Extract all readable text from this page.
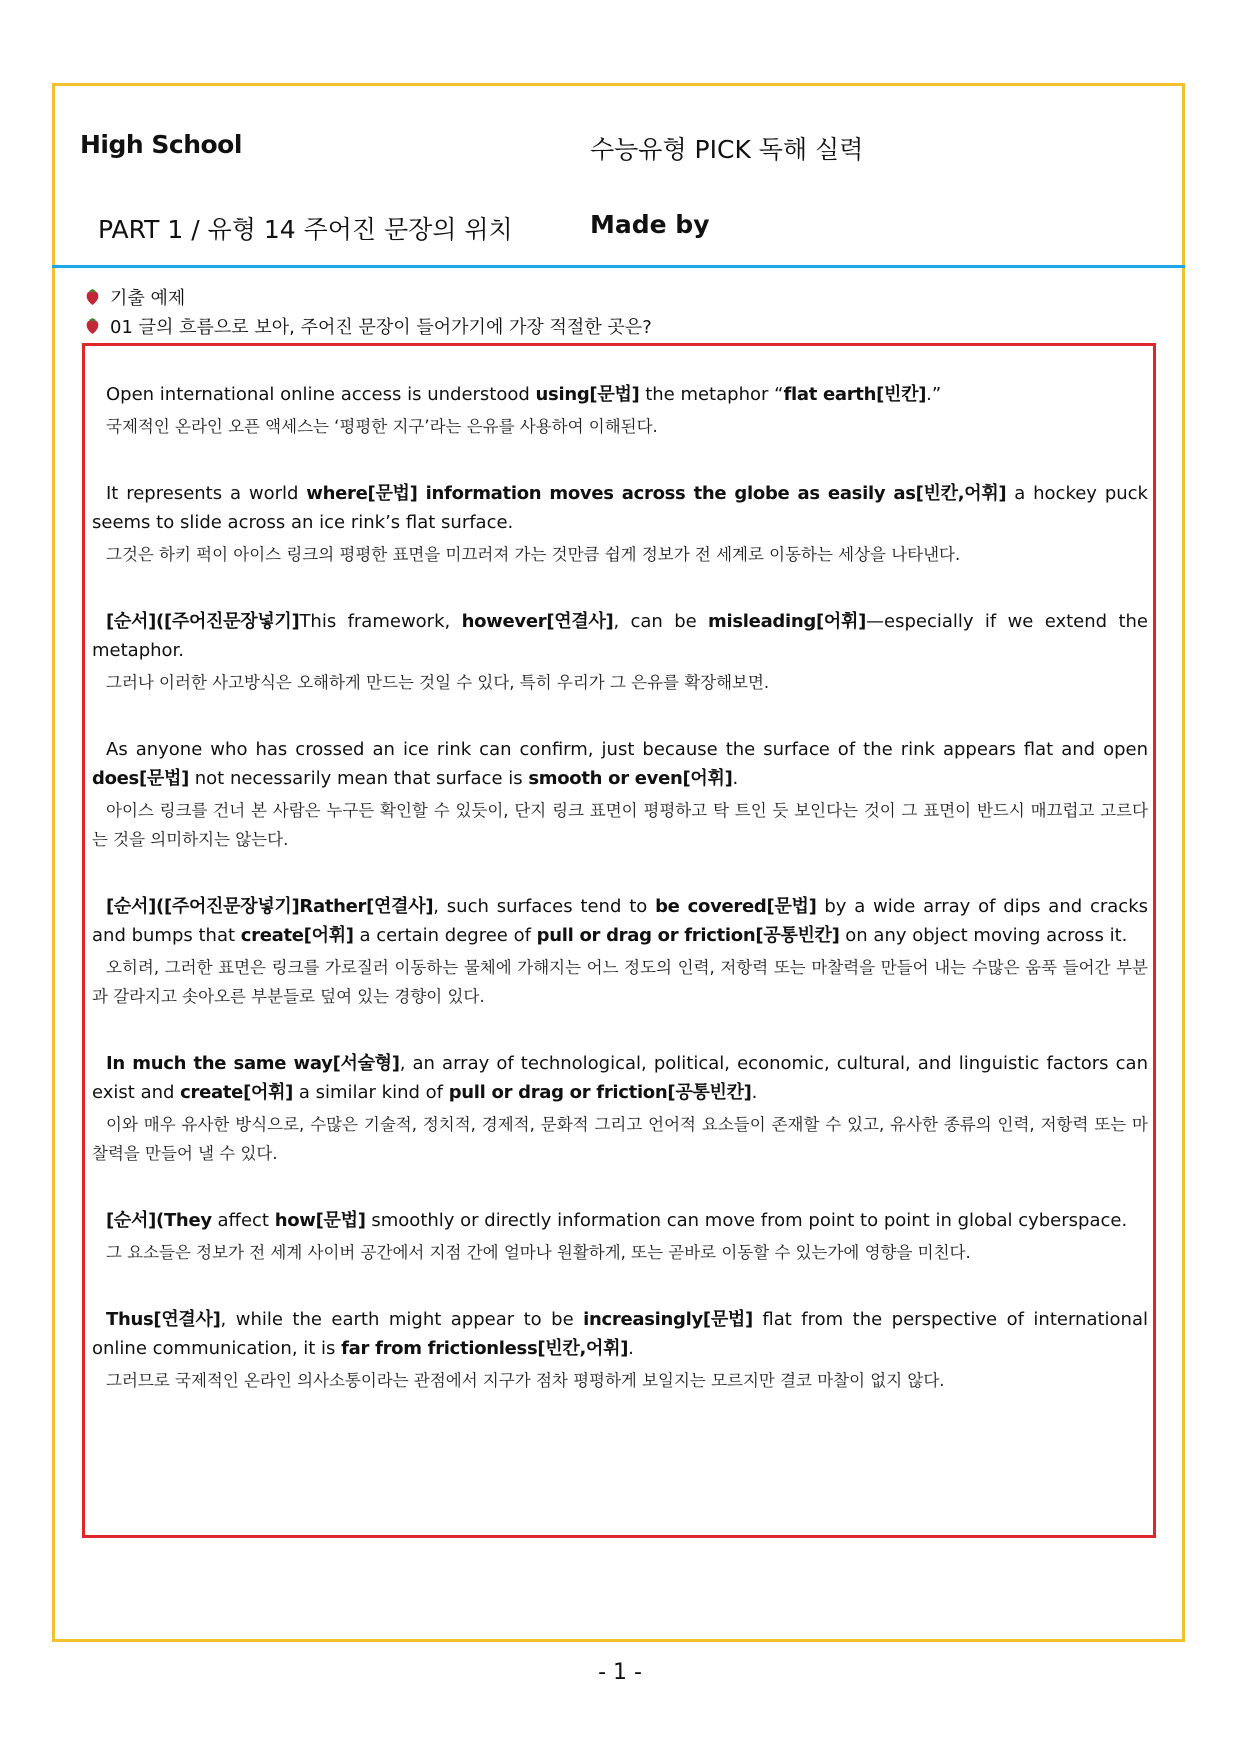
High School	수능유형 PICK 독해 실력
PART 1 / 유형 14 주어진 문장의 위치	Made by
기출 예제
01 글의 흐름으로 보아, 주어진 문장이 들어가기에 가장 적절한 곳은?

Open international online access is understood using[문법] the metaphor “flat earth[빈칸].”

국제적인 온라인 오픈 액세스는 ‘평평한 지구’라는 은유를 사용하여 이해된다.

It represents a world where[문법] information moves across the globe as easily as[빈칸,어휘] a hockey puck seems to slide across an ice rink’s flat surface.

그것은 하키 퍽이 아이스 링크의 평평한 표면을 미끄러져 가는 것만큼 쉽게 정보가 전 세계로 이동하는 세상을 나타낸다.

[순서]([주어진문장넣기]This framework, however[연결사], can be misleading[어휘]—especially if we extend the metaphor.

그러나 이러한 사고방식은 오해하게 만드는 것일 수 있다, 특히 우리가 그 은유를 확장해보면.

As anyone who has crossed an ice rink can confirm, just because the surface of the rink appears flat and open does[문법] not necessarily mean that surface is smooth or even[어휘].

아이스 링크를 건너 본 사람은 누구든 확인할 수 있듯이, 단지 링크 표면이 평평하고 탁 트인 듯 보인다는 것이 그 표면이 반드시 매끄럽고 고르다는 것을 의미하지는 않는다.

[순서]([주어진문장넣기]Rather[연결사], such surfaces tend to be covered[문법] by a wide array of dips and cracks and bumps that create[어휘] a certain degree of pull or drag or friction[공통빈칸] on any object moving across it.

오히려, 그러한 표면은 링크를 가로질러 이동하는 물체에 가해지는 어느 정도의 인력, 저항력 또는 마찰력을 만들어 내는 수많은 움푹 들어간 부분과 갈라지고 솟아오른 부분들로 덮여 있는 경향이 있다.

In much the same way[서술형], an array of technological, political, economic, cultural, and linguistic factors can exist and create[어휘] a similar kind of pull or drag or friction[공통빈칸].

이와 매우 유사한 방식으로, 수많은 기술적, 정치적, 경제적, 문화적 그리고 언어적 요소들이 존재할 수 있고, 유사한 종류의 인력, 저항력 또는 마찰력을 만들어 낼 수 있다.

[순서](They affect how[문법] smoothly or directly information can move from point to point in global cyberspace.

그 요소들은 정보가 전 세계 사이버 공간에서 지점 간에 얼마나 원활하게, 또는 곧바로 이동할 수 있는가에 영향을 미친다.

Thus[연결사], while the earth might appear to be increasingly[문법] flat from the perspective of international online communication, it is far from frictionless[빈칸,어휘].

그러므로 국제적인 온라인 의사소통이라는 관점에서 지구가 점차 평평하게 보일지는 모르지만 결코 마찰이 없지 않다.

- 1 -
